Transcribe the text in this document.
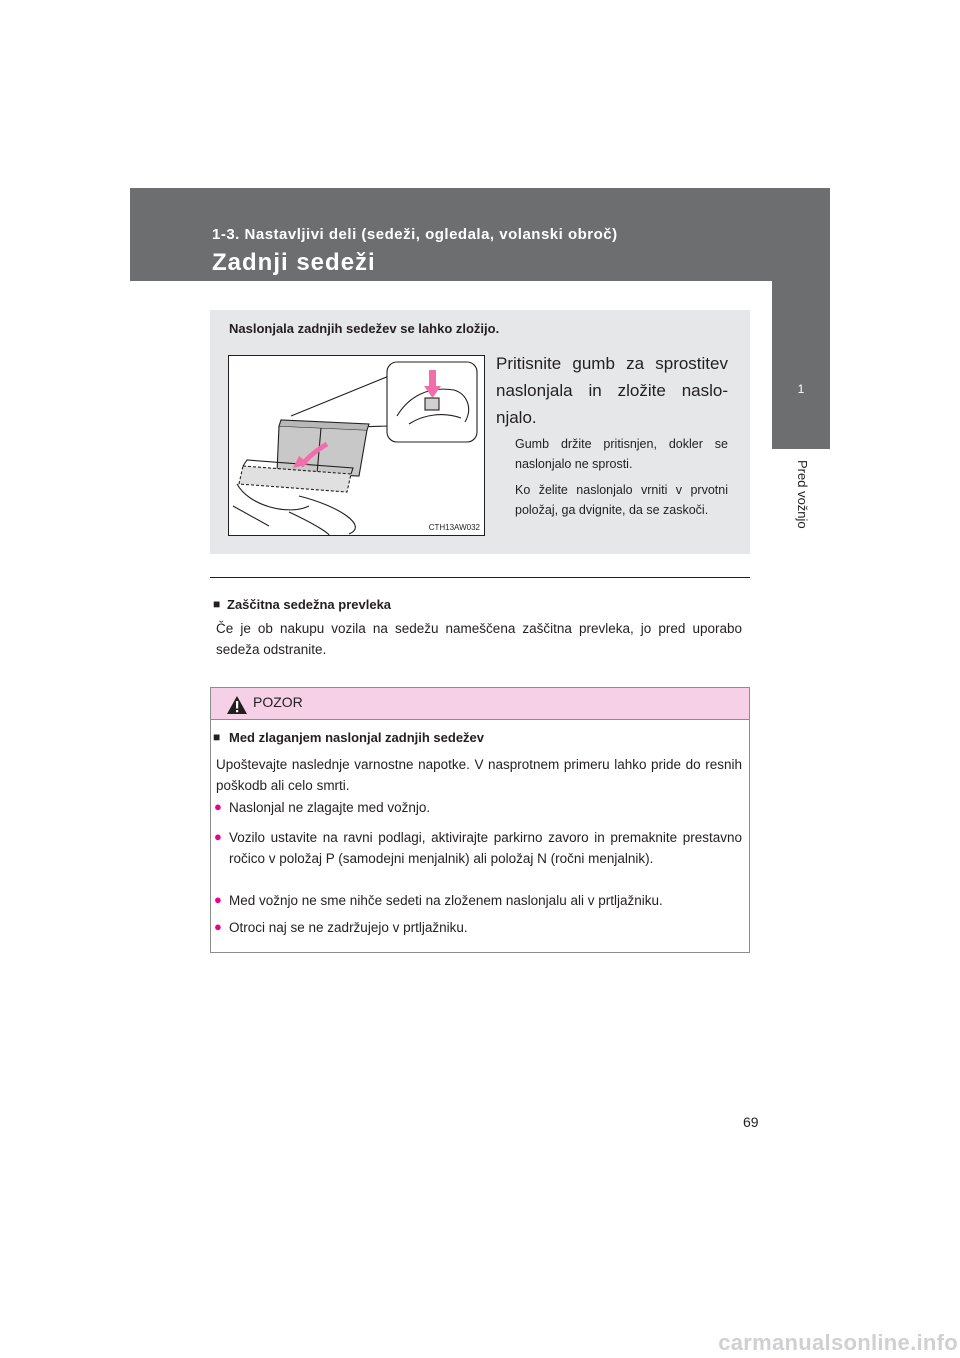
1-3. Nastavljivi deli (sedeži, ogledala, volanski obroč)
Zadnji sedeži
1
Pred vožnjo
Naslonjala zadnjih sedežev se lahko zložijo.
CTH13AW032
Pritisnite gumb za sprostitev naslonjala in zložite naslo-njalo.
Gumb držite pritisnjen, dokler se naslonjalo ne sprosti.
Ko želite naslonjalo vrniti v prvotni položaj, ga dvignite, da se zaskoči.
■ Zaščitna sedežna prevleka
Če je ob nakupu vozila na sedežu nameščena zaščitna prevleka, jo pred uporabo sedeža odstranite.
POZOR
■ Med zlaganjem naslonjal zadnjih sedežev
Upoštevajte naslednje varnostne napotke. V nasprotnem primeru lahko pride do resnih poškodb ali celo smrti.
● Naslonjal ne zlagajte med vožnjo.
● Vozilo ustavite na ravni podlagi, aktivirajte parkirno zavoro in premaknite prestavno ročico v položaj P (samodejni menjalnik) ali položaj N (ročni menjalnik).
● Med vožnjo ne sme nihče sedeti na zloženem naslonjalu ali v prtljažniku.
● Otroci naj se ne zadržujejo v prtljažniku.
69
carmanualsonline.info
